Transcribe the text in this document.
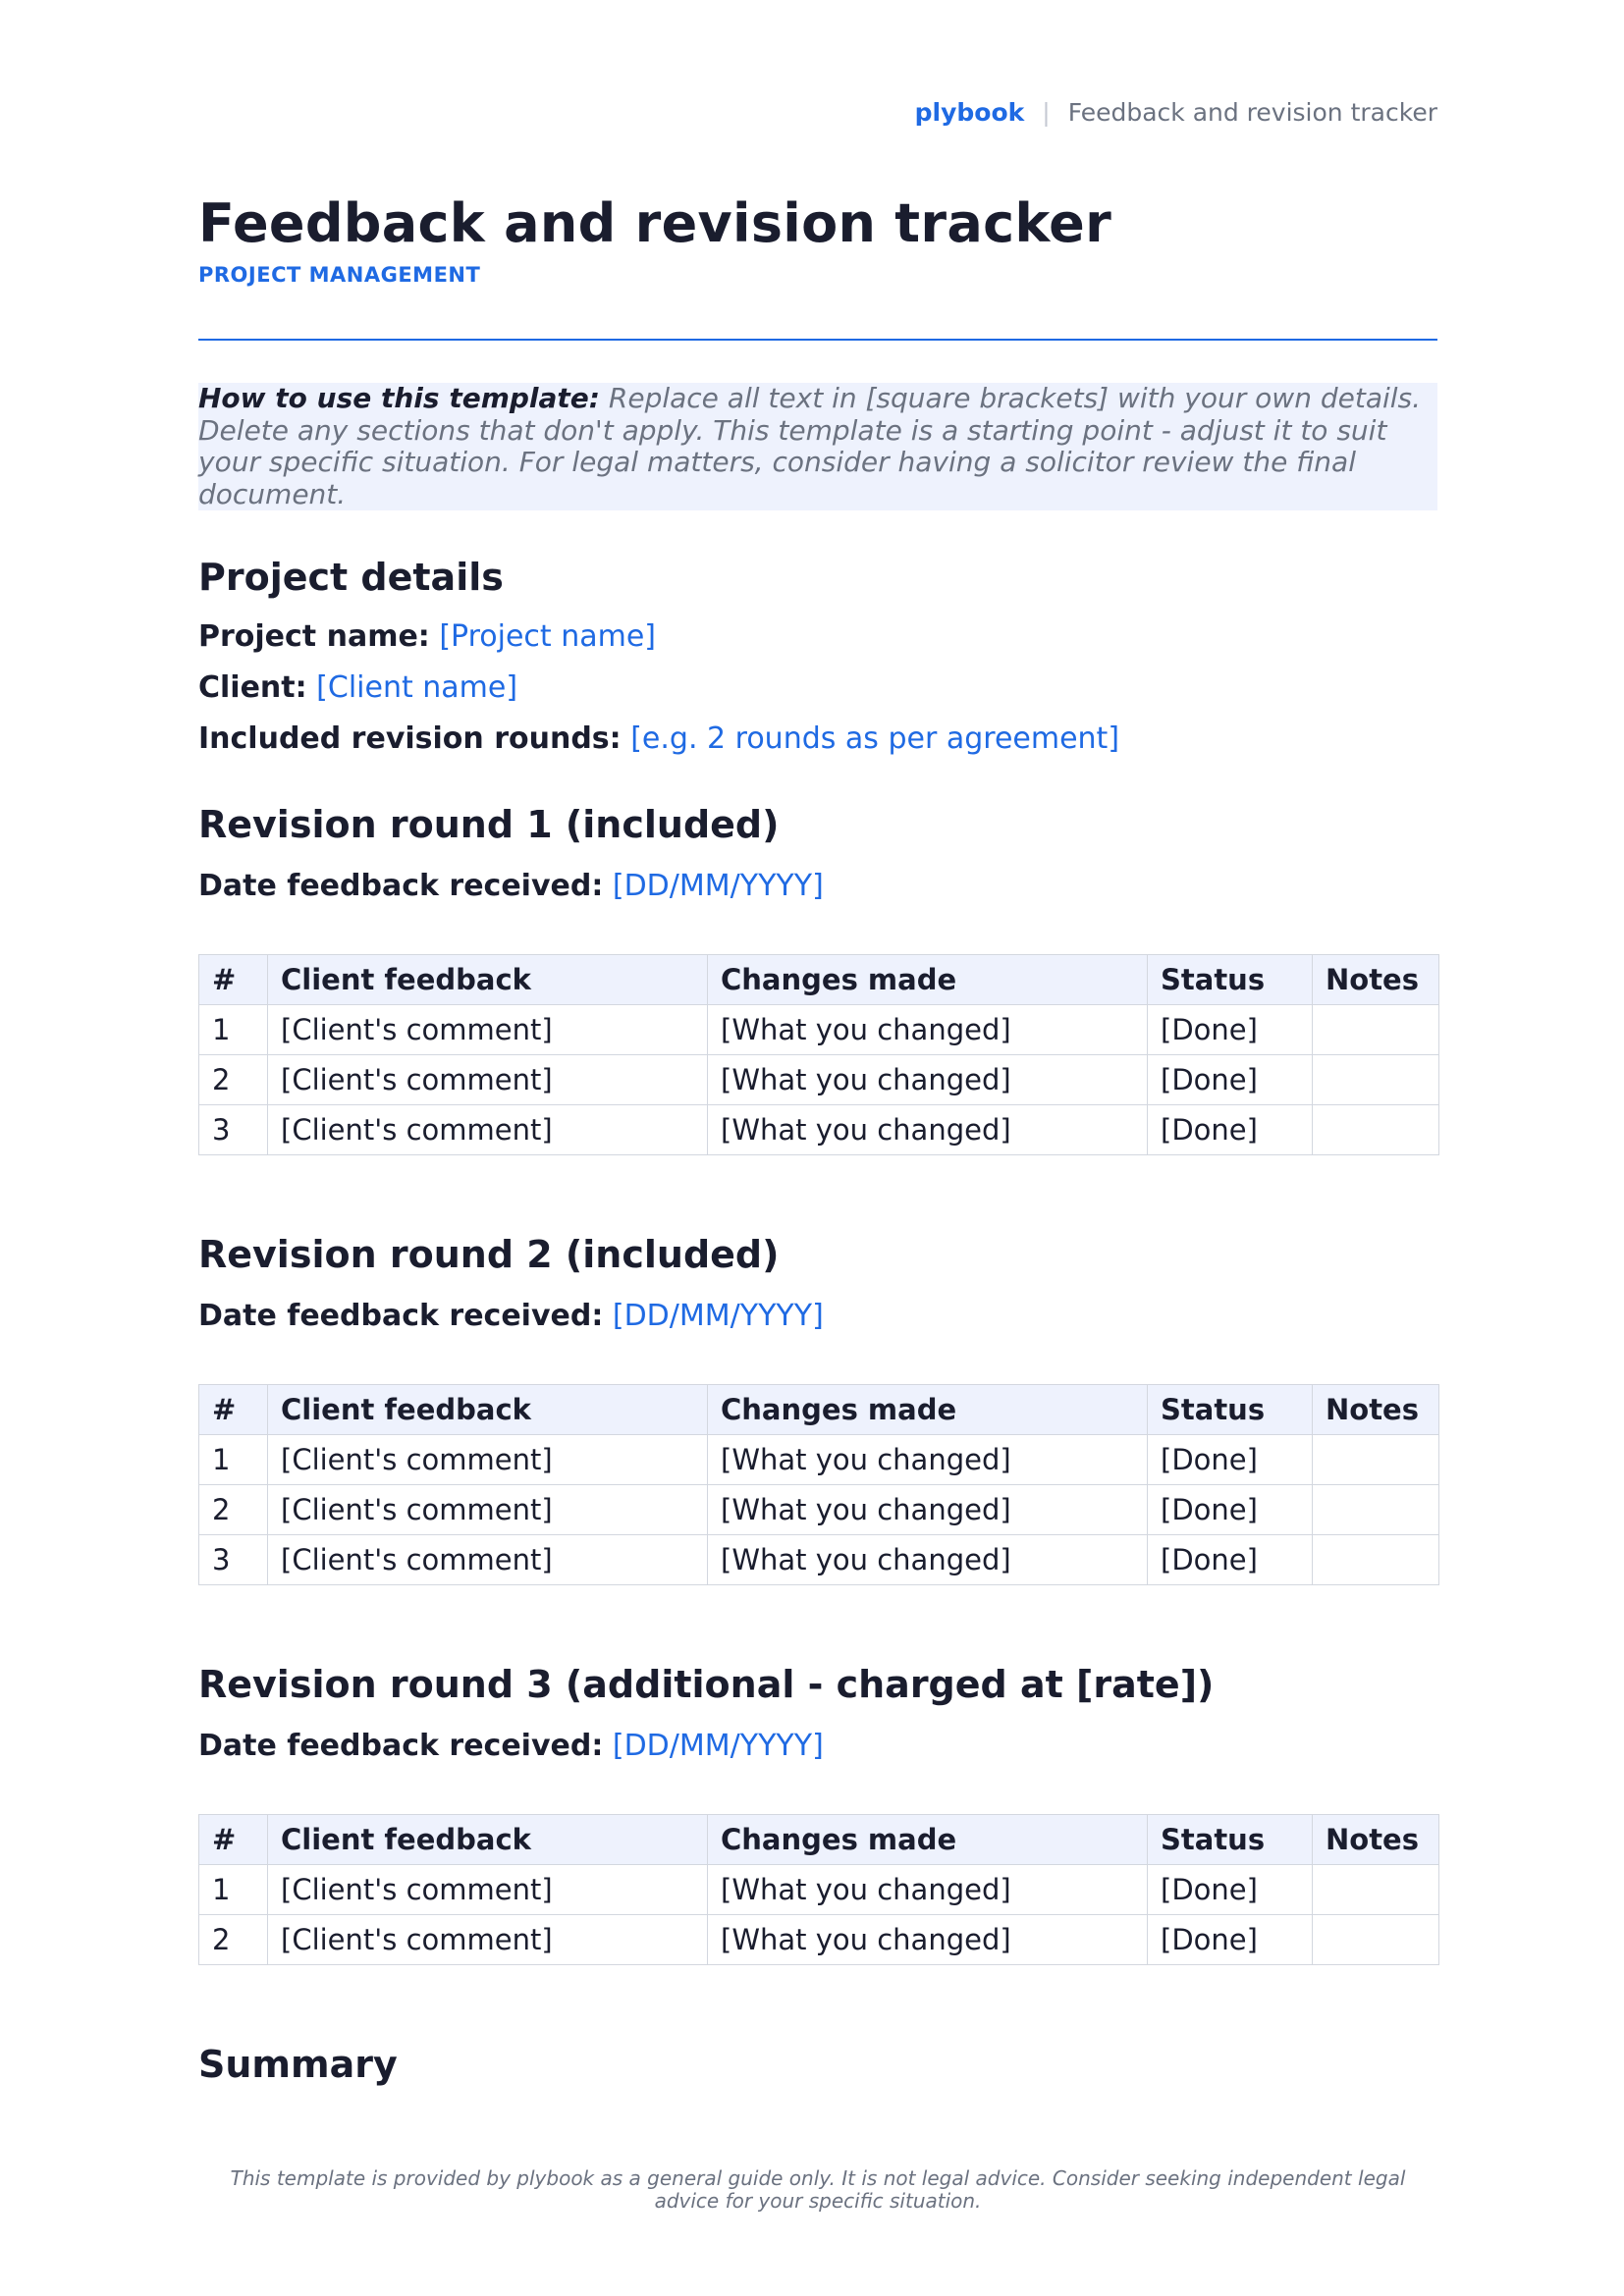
plybook | Feedback and revision tracker
Feedback and revision tracker
PROJECT MANAGEMENT
How to use this template: Replace all text in [square brackets] with your own details. Delete any sections that don't apply. This template is a starting point - adjust it to suit your specific situation. For legal matters, consider having a solicitor review the final document.
Project details
Project name: [Project name]
Client: [Client name]
Included revision rounds: [e.g. 2 rounds as per agreement]
Revision round 1 (included)
Date feedback received: [DD/MM/YYYY]
#	Client feedback	Changes made	Status	Notes
1	[Client's comment]	[What you changed]	[Done]	
2	[Client's comment]	[What you changed]	[Done]	
3	[Client's comment]	[What you changed]	[Done]	
Revision round 2 (included)
Date feedback received: [DD/MM/YYYY]
#	Client feedback	Changes made	Status	Notes
1	[Client's comment]	[What you changed]	[Done]	
2	[Client's comment]	[What you changed]	[Done]	
3	[Client's comment]	[What you changed]	[Done]	
Revision round 3 (additional - charged at [rate])
Date feedback received: [DD/MM/YYYY]
#	Client feedback	Changes made	Status	Notes
1	[Client's comment]	[What you changed]	[Done]	
2	[Client's comment]	[What you changed]	[Done]	
Summary
This template is provided by plybook as a general guide only. It is not legal advice. Consider seeking independent legal advice for your specific situation.
